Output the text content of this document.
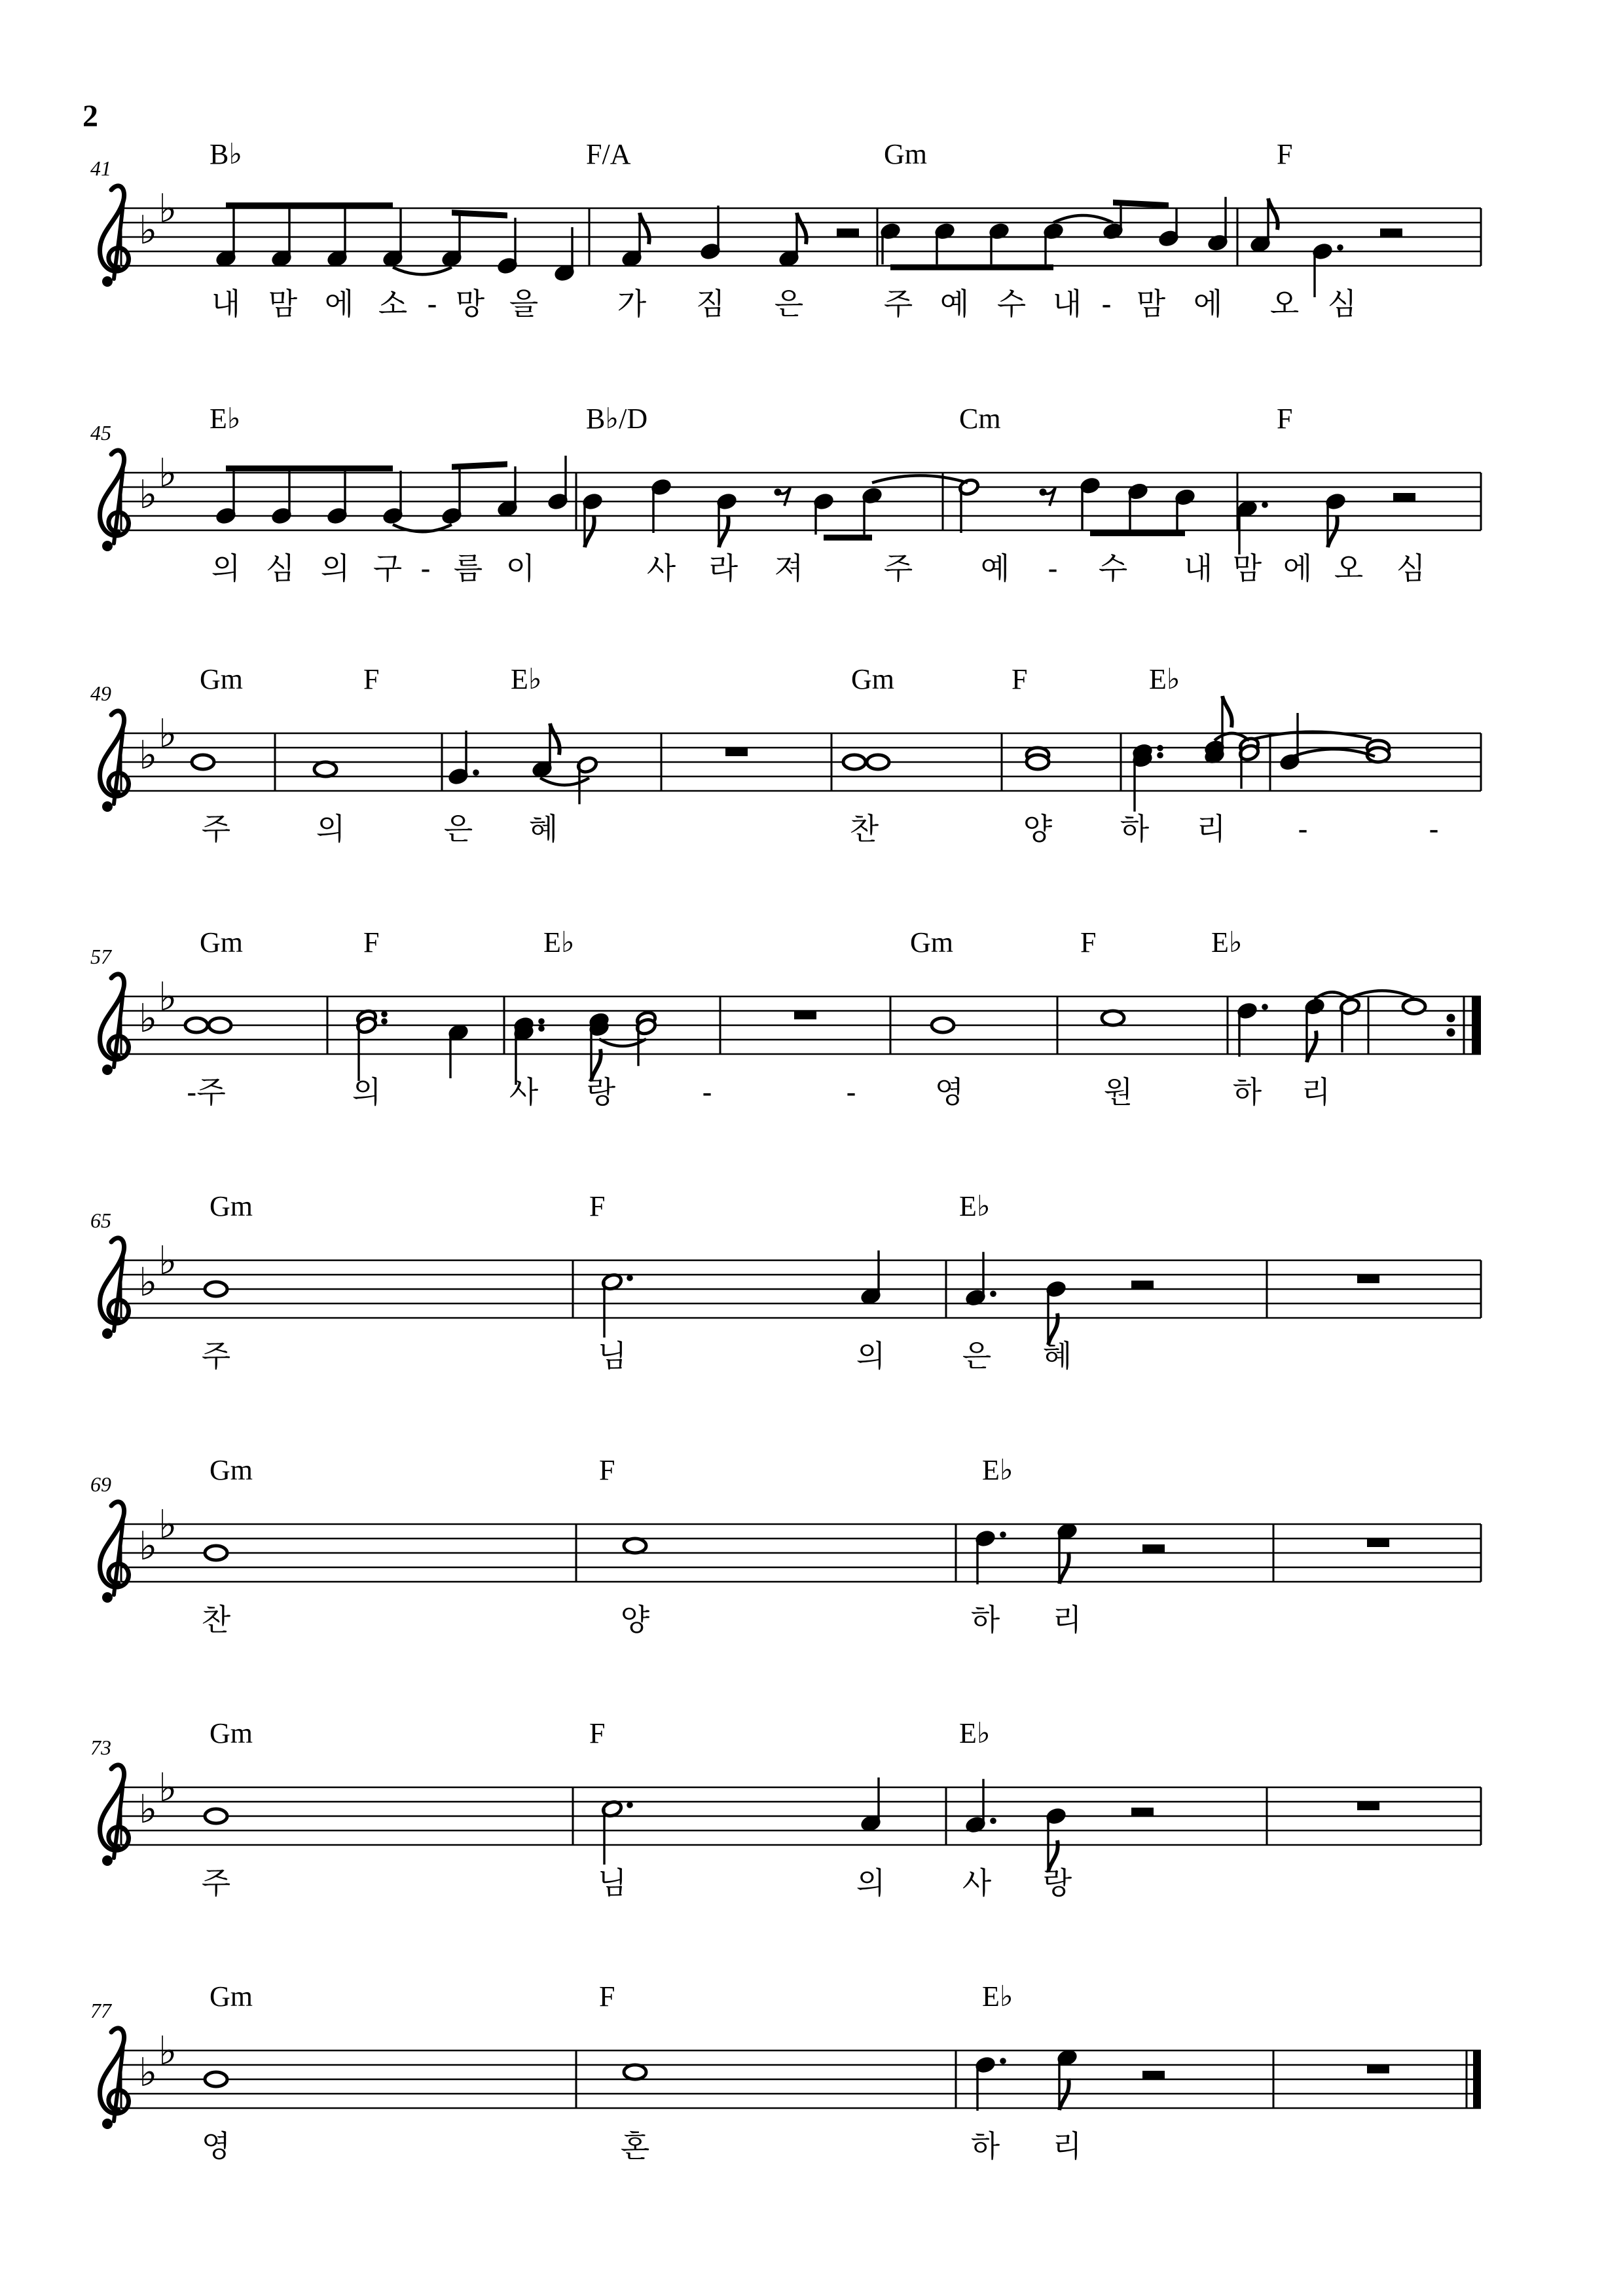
2
♭ ♭
41	B♭	F/A	Gm	F
내 맘 에 소 - 망 을	가 짐 은	주 예 수 내 - 맘 에 오 심
♭ ♭
45	E♭	B♭/D	Cm	F
의 심 의 구 - 름 이	사 라 져	주 예 - 수 내 맘 에 오 심
♭ ♭
49	Gm	F	E♭	Gm	F	E♭
주	의	은 혜	찬	양 하 리 -	-
♭ ♭
57	Gm	F	E♭	Gm	F	E♭
-주	의	사 랑	-	-	영	원	하 리
♭ ♭
65	Gm	F	E♭
주	님	의	은 혜
♭ ♭
69	Gm	F	E♭
찬	양	하 리
♭ ♭
73	Gm	F	E♭
주	님	의	사 랑
♭ ♭
77	Gm	F	E♭
영	혼	하 리
